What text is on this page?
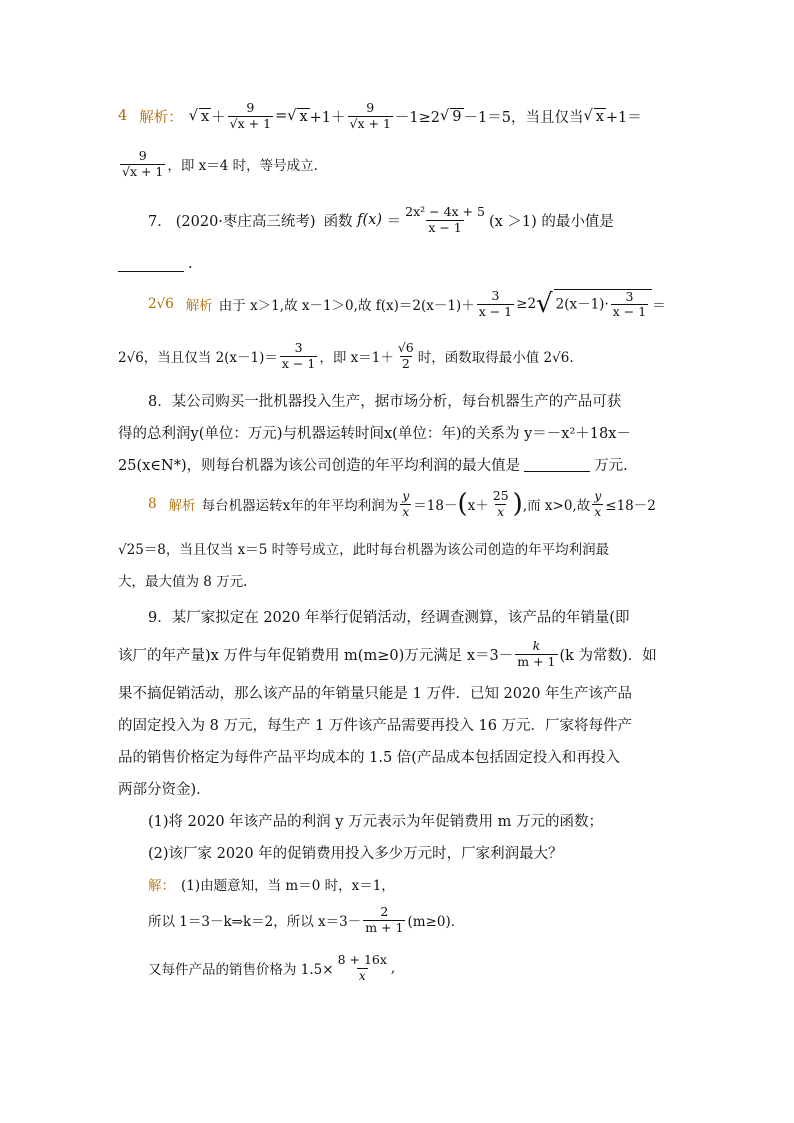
4 解析： √ $x + \frac{9}{√x + 1}$ = √ $x +1+ \frac{9}{√x + 1} -1\ge 2$ √ 9 －1＝5，当且仅当 √ x +1＝
$\frac{9}{√x + 1}$ ，即 x＝4 时，等号成立.
7． (2020·枣庄高三统考) 函数
$f(x) = \frac{\text{2x² − 4x + 5}}{x - 1} (x >1)$ 的最小值是
.
2√6 解析 由于 x＞1,故 x－1＞0,故 $f(x)=2(x-1)+ \frac{3}{x - 1} \ge 2$ √ $2(x-1)\cdot \frac{3}{x - 1}$ ＝
2√6，当且仅当 $2(x-1)= \frac{3}{x - 1}$ ，即 $x=1+ \frac{√6}{2}$ 时，函数取得最小值 2√6.
8．某公司购买一批机器投入生产，据市场分析，每台机器生产的产品可获
得的总利润y(单位：万元)与机器运转时间x(单位：年)的关系为 y＝－x²＋18x－
25(x∈N*)，则每台机器为该公司创造的年平均利润的最大值是	万元.
8 解析 每台机器运转x年的年平均利润为 $\frac{y}{x} =18-$ ( $x+ \frac{25}{x}$ ) ,而 x>0,故 $\frac{y}{x} \le 18-2$
√25＝8，当且仅当 x＝5 时等号成立，此时每台机器为该公司创造的年平均利润最
大，最大值为 8 万元.
9．某厂家拟定在 2020 年举行促销活动，经调查测算，该产品的年销量(即
该厂的年产量)x 万件与年促销费用 m(m≥0)万元满足 $x=3- \frac{k}{m + 1} (k$ 为常数)．如
果不搞促销活动，那么该产品的年销量只能是 1 万件．已知 2020 年生产该产品
的固定投入为 8 万元，每生产 1 万件该产品需要再投入 16 万元．厂家将每件产
品的销售价格定为每件产品平均成本的 1.5 倍(产品成本包括固定投入和再投入
两部分资金)．
(1)将 2020 年该产品的利润 y 万元表示为年促销费用 m 万元的函数；
(2)该厂家 2020 年的促销费用投入多少万元时，厂家利润最大？
解： (1)由题意知，当 m＝0 时，x＝1，
所以 1＝3－k⇒k＝2，所以 $x=3- \frac{2}{m + 1} (m\ge 0)$．
又每件产品的销售价格为 $1.5\times \frac{8 + 16x}{x}$ ,
